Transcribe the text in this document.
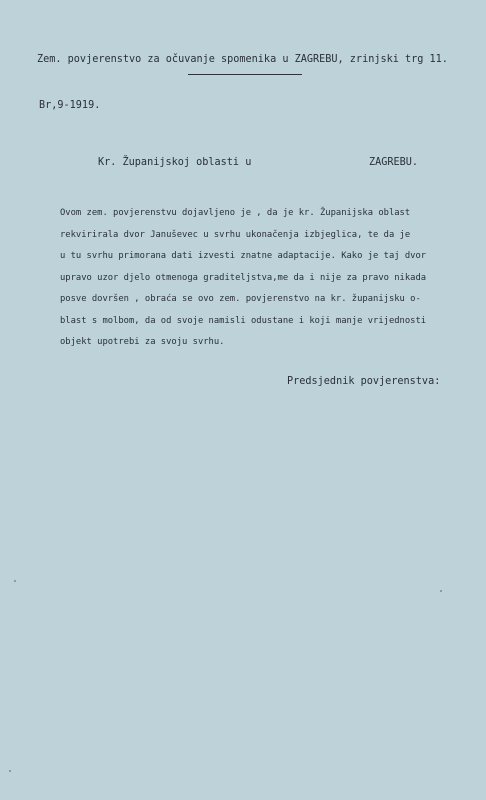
Zem. povjerenstvo za očuvanje spomenika u ZAGREBU, zrinjski trg 11.
Br,9-1919.
Kr. Županijskoj oblasti u	ZAGREBU.
Ovom zem. povjerenstvu dojavljeno je , da je kr. Županijska oblast
rekvirirala dvor Januševec u svrhu ukonačenja izbjeglica, te da je
u tu svrhu primorana dati izvesti znatne adaptacije. Kako je taj dvor
upravo uzor djelo otmenoga graditeljstva,me da i nije za pravo nikada
posve dovršen , obraća se ovo zem. povjerenstvo na kr. županijsku o-
blast s molbom, da od svoje namisli odustane i koji manje vrijednosti
objekt upotrebi za svoju svrhu.
Predsjednik povjerenstva:
